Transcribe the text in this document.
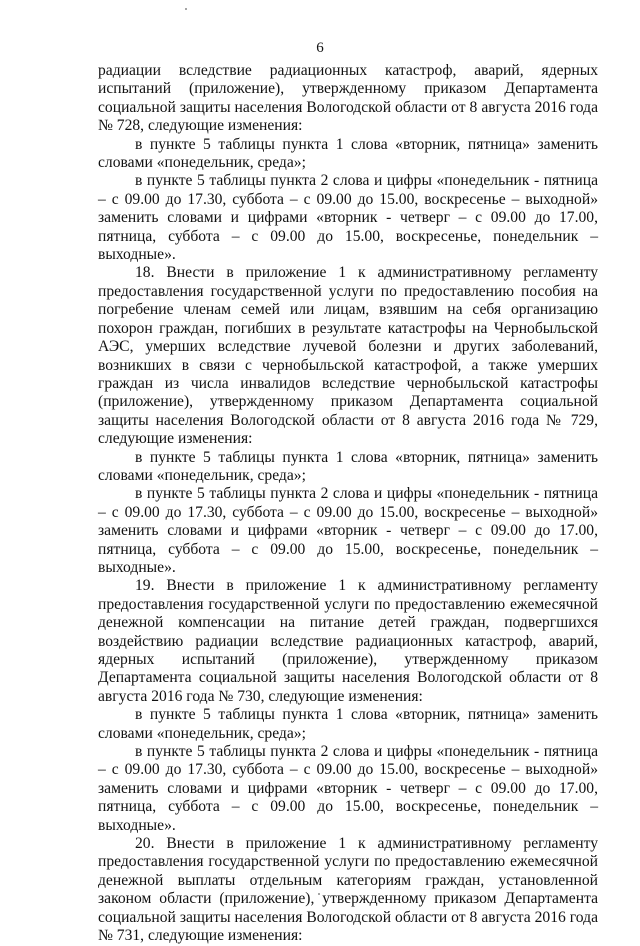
6

радиации вследствие радиационных катастроф, аварий, ядерных испытаний (приложение), утвержденному приказом Департамента социальной защиты населения Вологодской области от 8 августа 2016 года № 728, следующие изменения:

в пункте 5 таблицы пункта 1 слова «вторник, пятница» заменить словами «понедельник, среда»;

в пункте 5 таблицы пункта 2 слова и цифры «понедельник - пятница – с 09.00 до 17.30, суббота – с 09.00 до 15.00, воскресенье – выходной» заменить словами и цифрами «вторник - четверг – с 09.00 до 17.00, пятница, суббота – с 09.00 до 15.00, воскресенье, понедельник – выходные».

18. Внести в приложение 1 к административному регламенту предоставления государственной услуги по предоставлению пособия на погребение членам семей или лицам, взявшим на себя организацию похорон граждан, погибших в результате катастрофы на Чернобыльской АЭС, умерших вследствие лучевой болезни и других заболеваний, возникших в связи с чернобыльской катастрофой, а также умерших граждан из числа инвалидов вследствие чернобыльской катастрофы (приложение), утвержденному приказом Департамента социальной защиты населения Вологодской области от 8 августа 2016 года № 729, следующие изменения:

в пункте 5 таблицы пункта 1 слова «вторник, пятница» заменить словами «понедельник, среда»;

в пункте 5 таблицы пункта 2 слова и цифры «понедельник - пятница – с 09.00 до 17.30, суббота – с 09.00 до 15.00, воскресенье – выходной» заменить словами и цифрами «вторник - четверг – с 09.00 до 17.00, пятница, суббота – с 09.00 до 15.00, воскресенье, понедельник – выходные».

19. Внести в приложение 1 к административному регламенту предоставления государственной услуги по предоставлению ежемесячной денежной компенсации на питание детей граждан, подвергшихся воздействию радиации вследствие радиационных катастроф, аварий, ядерных испытаний (приложение), утвержденному приказом Департамента социальной защиты населения Вологодской области от 8 августа 2016 года № 730, следующие изменения:

в пункте 5 таблицы пункта 1 слова «вторник, пятница» заменить словами «понедельник, среда»;

в пункте 5 таблицы пункта 2 слова и цифры «понедельник - пятница – с 09.00 до 17.30, суббота – с 09.00 до 15.00, воскресенье – выходной» заменить словами и цифрами «вторник - четверг – с 09.00 до 17.00, пятница, суббота – с 09.00 до 15.00, воскресенье, понедельник – выходные».

20. Внести в приложение 1 к административному регламенту предоставления государственной услуги по предоставлению ежемесячной денежной выплаты отдельным категориям граждан, установленной законом области (приложение), утвержденному приказом Департамента социальной защиты населения Вологодской области от 8 августа 2016 года № 731, следующие изменения:
